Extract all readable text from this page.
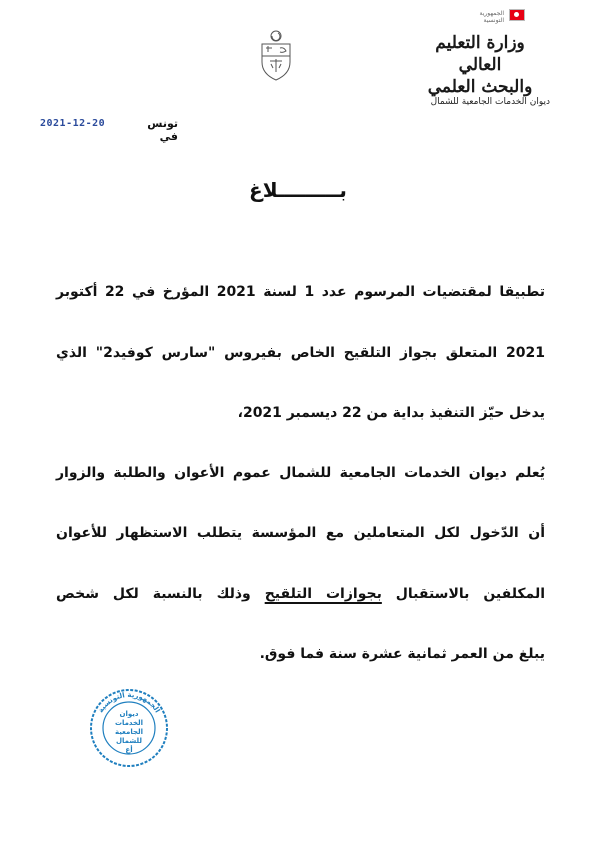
الجمهورية التونسية
وزارة التعليم العالي
والبحث العلمي
ديوان الخدمات الجامعية للشمال
تونس في
2021-12-20
بـــــــــلاغ
تطبيقا لمقتضيات المرسوم عدد 1 لسنة 2021 المؤرخ في 22 أكتوبر
2021 المتعلق بجواز التلقيح الخاص بفيروس "سارس كوفيد2" الذي
يدخل حيّز التنفيذ بداية من 22 ديسمبر 2021،
يُعلم ديوان الخدمات الجامعية للشمال عموم الأعوان والطلبة والزوار
أن الدّخول لكل المتعاملين مع المؤسسة يتطلب الاستظهار للأعوان
المكلفين بالاستقبال بجوازات التلقيح وذلك بالنسبة لكل شخص
يبلغ من العمر ثمانية عشرة سنة فما فوق.
الجمهورية التونسية
ديوان الخدمات
الجامعية للشمال
أع
